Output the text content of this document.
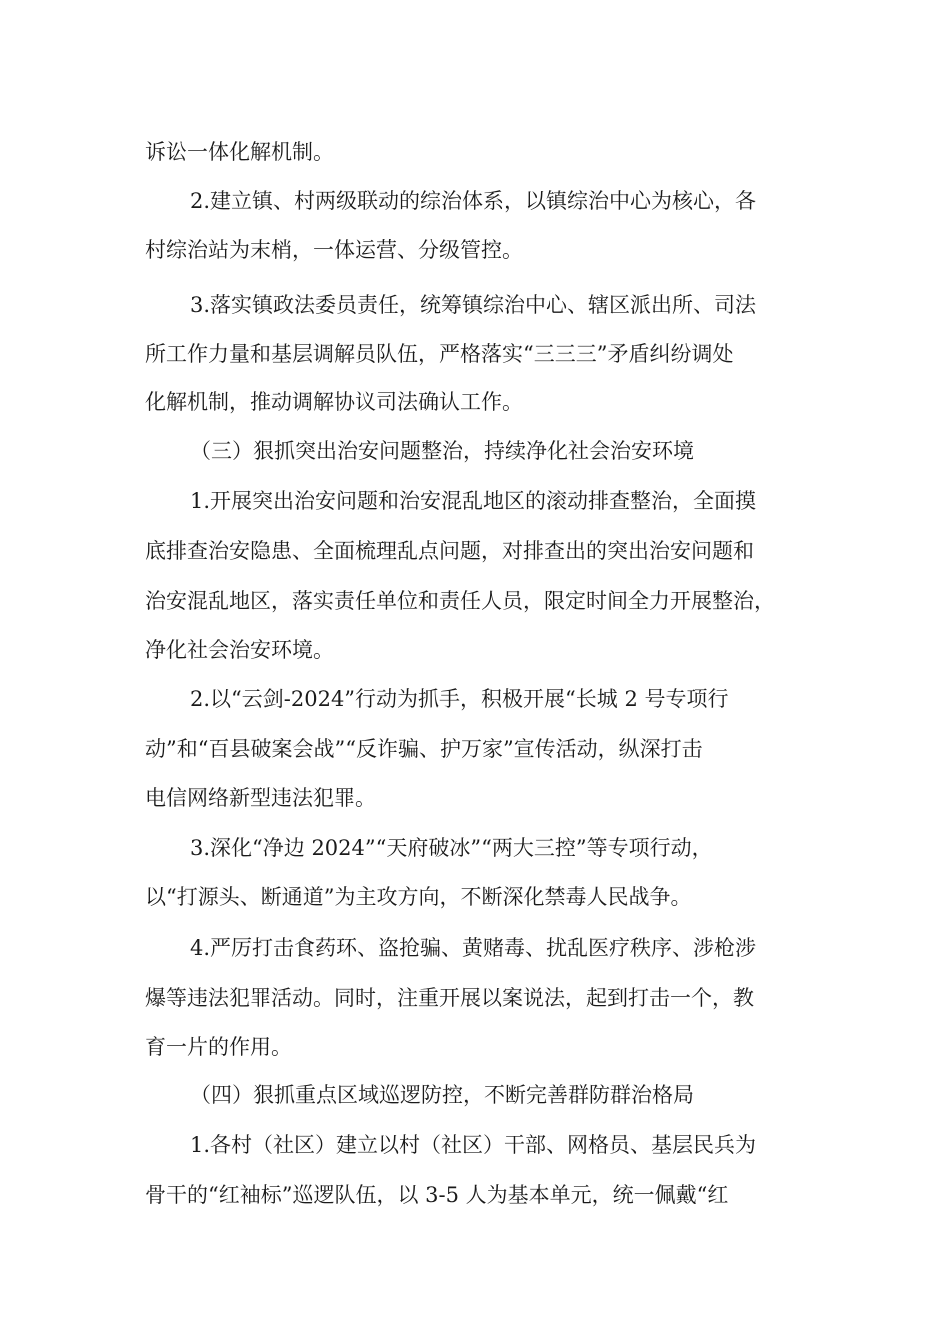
诉讼一体化解机制。
2.建立镇、村两级联动的综治体系，以镇综治中心为核心，各
村综治站为末梢，一体运营、分级管控。
3.落实镇政法委员责任，统筹镇综治中心、辖区派出所、司法
所工作力量和基层调解员队伍，严格落实“三三三”矛盾纠纷调处
化解机制，推动调解协议司法确认工作。
（三）狠抓突出治安问题整治，持续净化社会治安环境
1.开展突出治安问题和治安混乱地区的滚动排查整治，全面摸
底排查治安隐患、全面梳理乱点问题，对排查出的突出治安问题和
治安混乱地区，落实责任单位和责任人员，限定时间全力开展整治，
净化社会治安环境。
2.以“云剑-2024”行动为抓手，积极开展“长城 2 号专项行
动”和“百县破案会战”“反诈骗、护万家”宣传活动，纵深打击
电信网络新型违法犯罪。
3.深化“净边 2024”“天府破冰”“两大三控”等专项行动，
以“打源头、断通道”为主攻方向，不断深化禁毒人民战争。
4.严厉打击食药环、盗抢骗、黄赌毒、扰乱医疗秩序、涉枪涉
爆等违法犯罪活动。同时，注重开展以案说法，起到打击一个，教
育一片的作用。
（四）狠抓重点区域巡逻防控，不断完善群防群治格局
1.各村（社区）建立以村（社区）干部、网格员、基层民兵为
骨干的“红袖标”巡逻队伍，以 3-5 人为基本单元，统一佩戴“红
